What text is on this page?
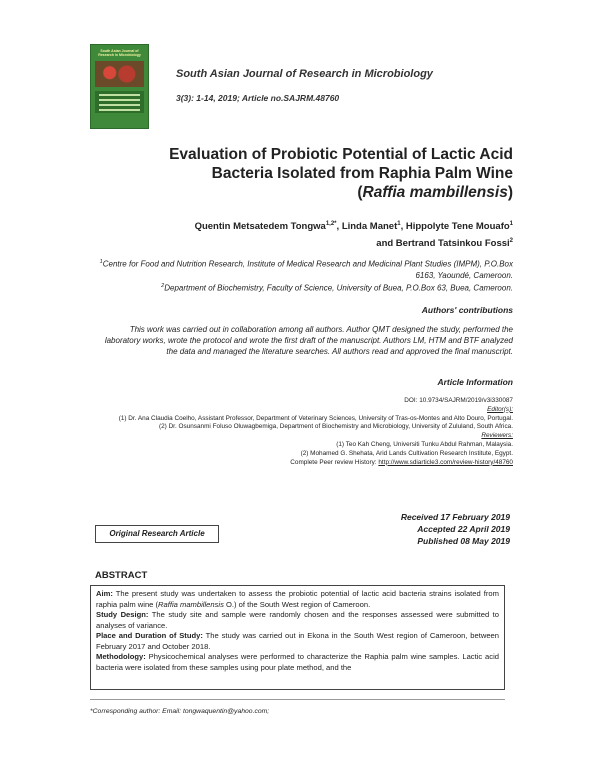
South Asian Journal of Research in Microbiology
South Asian Journal of Research in Microbiology
3(3): 1-14, 2019; Article no.SAJRM.48760
Evaluation of Probiotic Potential of Lactic Acid
Bacteria Isolated from Raphia Palm Wine
(Raffia mambillensis)
Quentin Metsatedem Tongwa$^{1,2*}$, Linda Manet$^1$, Hippolyte Tene Mouafo$^1$
and Bertrand Tatsinkou Fossi$^2$
$^1$Centre for Food and Nutrition Research, Institute of Medical Research and Medicinal Plant Studies (IMPM), P.O.Box 6163, Yaoundé, Cameroon.
$^2$Department of Biochemistry, Faculty of Science, University of Buea, P.O.Box 63, Buea, Cameroon.
Authors' contributions
This work was carried out in collaboration among all authors. Author QMT designed the study, performed the laboratory works, wrote the protocol and wrote the first draft of the manuscript. Authors LM, HTM and BTF analyzed the data and managed the literature searches. All authors read and approved the final manuscript.
Article Information
DOI: 10.9734/SAJRM/2019/v3i330087
Editor(s):
(1) Dr. Ana Claudia Coelho, Assistant Professor, Department of Veterinary Sciences, University of Tras-os-Montes and Alto Douro, Portugal.
(2) Dr. Osunsanmi Foluso Oluwagbemiga, Department of Biochemistry and Microbiology, University of Zululand, South Africa.
Reviewers:
(1) Teo Kah Cheng, Universiti Tunku Abdul Rahman, Malaysia.
(2) Mohamed G. Shehata, Arid Lands Cultivation Research Institute, Egypt.
Complete Peer review History: http://www.sdiarticle3.com/review-history/48760
Original Research Article
Received 17 February 2019
Accepted 22 April 2019
Published 08 May 2019
ABSTRACT

Aim: The present study was undertaken to assess the probiotic potential of lactic acid bacteria strains isolated from raphia palm wine (Raffia mambillensis O.) of the South West region of Cameroon.

Study Design: The study site and sample were randomly chosen and the responses assessed were submitted to analyses of variance.

Place and Duration of Study: The study was carried out in Ekona in the South West region of Cameroon, between February 2017 and October 2018.

Methodology: Physicochemical analyses were performed to characterize the Raphia palm wine samples. Lactic acid bacteria were isolated from these samples using pour plate method, and the

*Corresponding author: Email: tongwaquentin@yahoo.com;
